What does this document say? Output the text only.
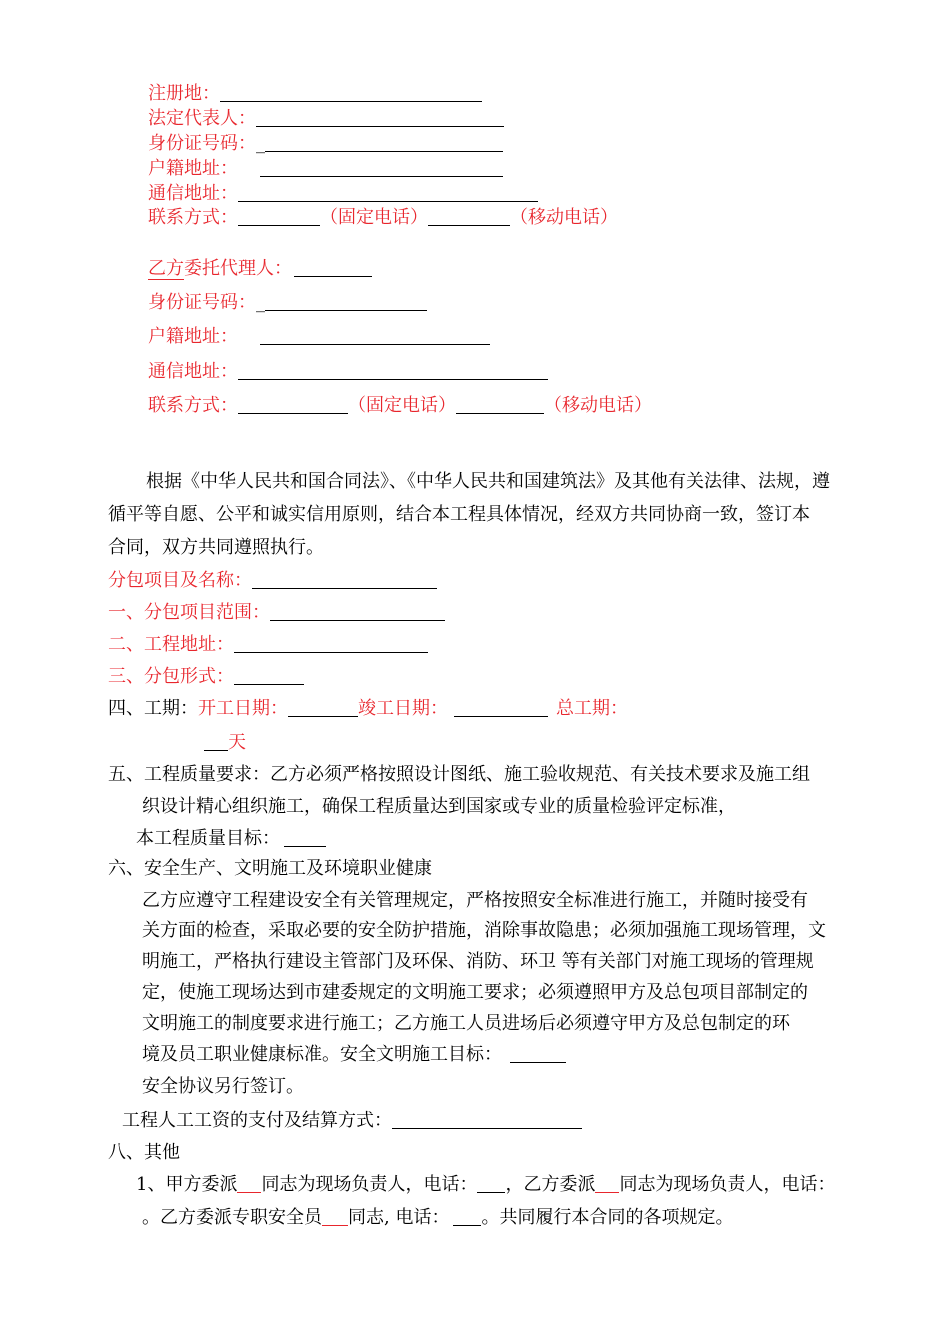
注册地：
法定代表人：
身份证号码：_
户籍地址：
通信地址：
联系方式：	（固定电话）	（移动电话）
乙方委托代理人：
身份证号码：_
户籍地址：
通信地址：
联系方式：	（固定电话）	（移动电话）
根据《中华人民共和国合同法》、《中华人民共和国建筑法》及其他有关法律、法规，遵
循平等自愿、公平和诚实信用原则，结合本工程具体情况，经双方共同协商一致，签订本
合同，双方共同遵照执行。
分包项目及名称：
一、分包项目范围：
二、工程地址：
三、分包形式：
四、工期：开工日期：	竣工日期：	总工期：
天
五、工程质量要求：乙方必须严格按照设计图纸、施工验收规范、有关技术要求及施工组
织设计精心组织施工，确保工程质量达到国家或专业的质量检验评定标准，
本工程质量目标：
六、安全生产、文明施工及环境职业健康
乙方应遵守工程建设安全有关管理规定，严格按照安全标准进行施工，并随时接受有
关方面的检查，采取必要的安全防护措施，消除事故隐患；必须加强施工现场管理，文
明施工，严格执行建设主管部门及环保、消防、环卫 等有关部门对施工现场的管理规
定，使施工现场达到市建委规定的文明施工要求；必须遵照甲方及总包项目部制定的
文明施工的制度要求进行施工；乙方施工人员进场后必须遵守甲方及总包制定的环
境及员工职业健康标准。安全文明施工目标：
安全协议另行签订。
工程人工工资的支付及结算方式：
八、其他
1、甲方委派 同志为现场负责人，电话： ，乙方委派 同志为现场负责人，电话：
。乙方委派专职安全员 同志, 电话： 。共同履行本合同的各项规定。
